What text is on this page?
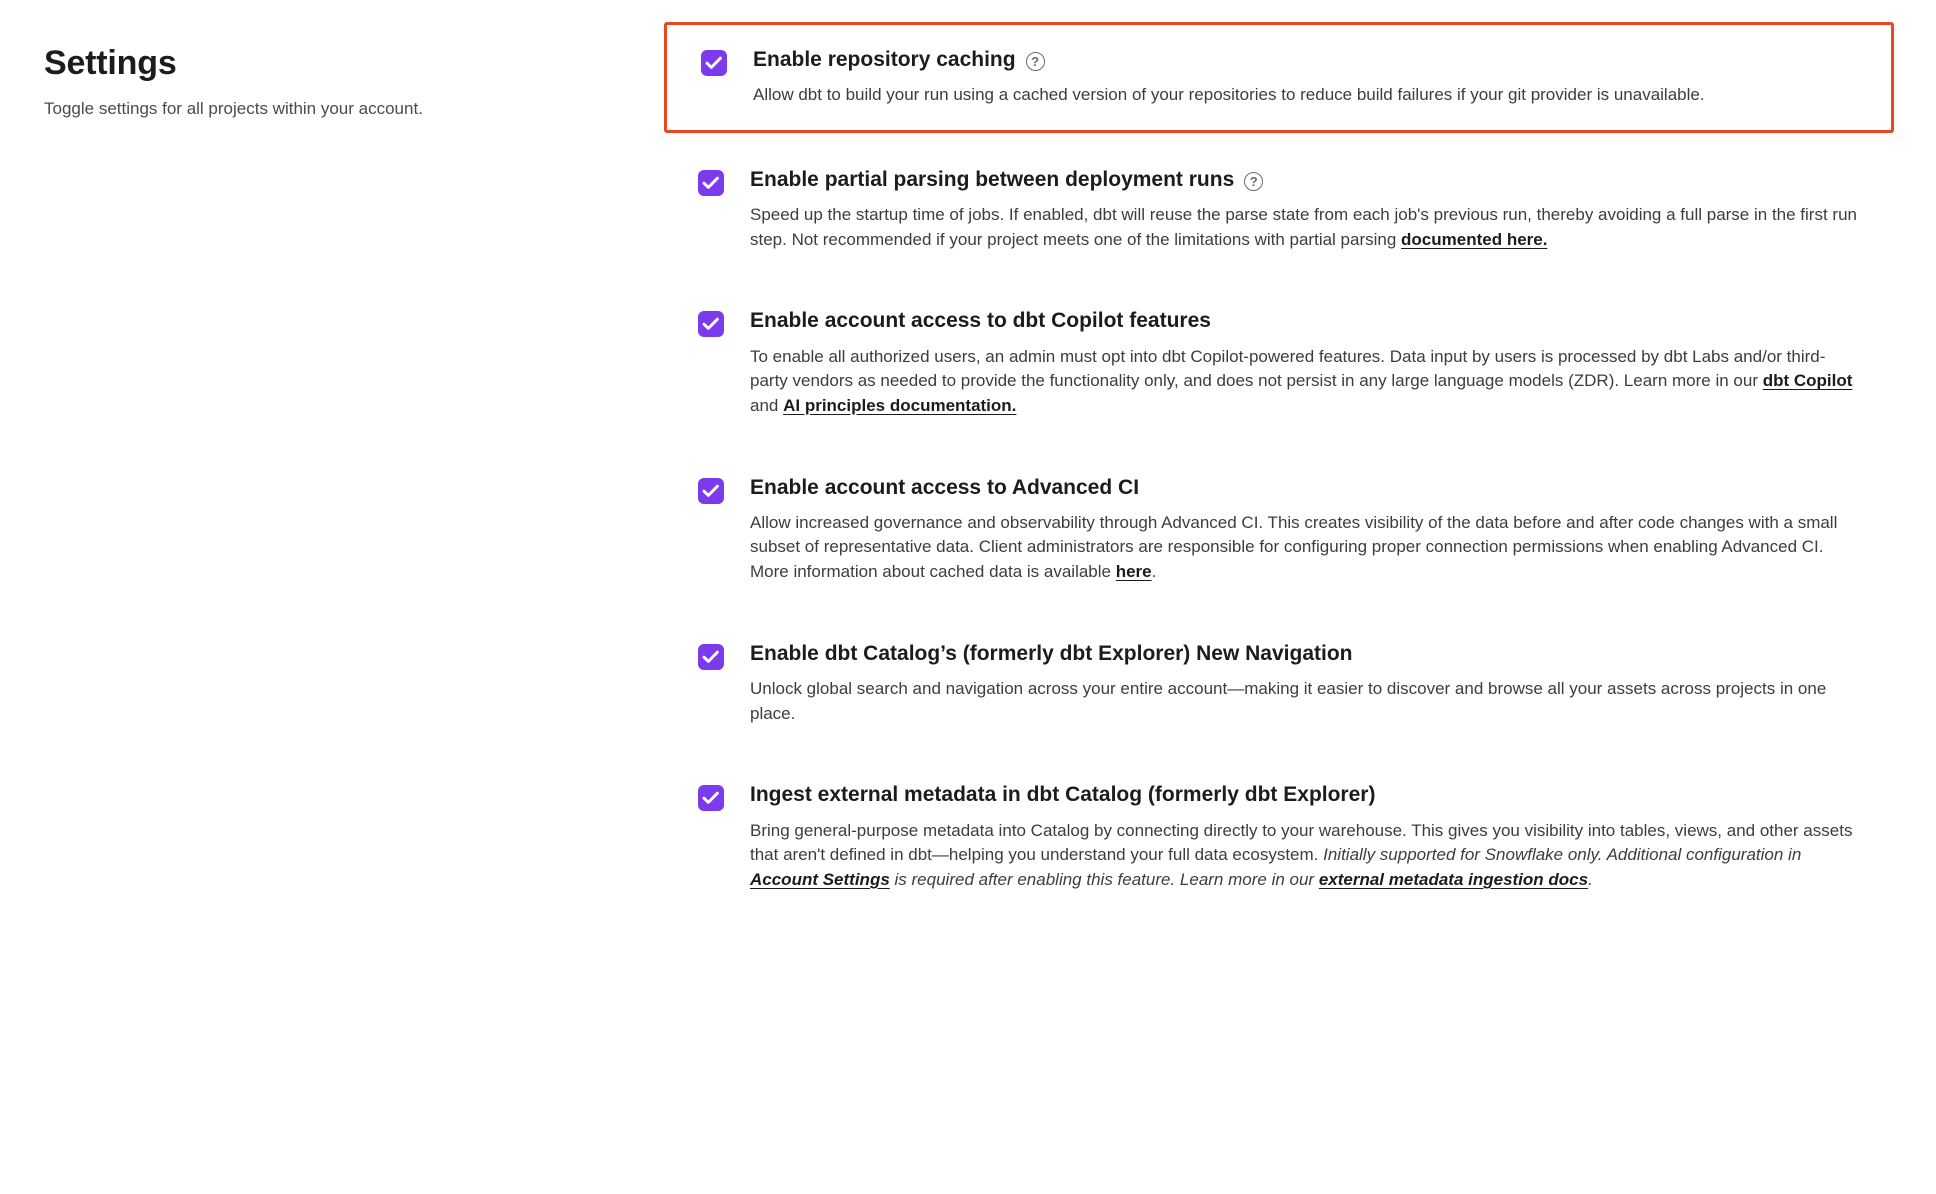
Settings

Toggle settings for all projects within your account.

Enable repository caching	?
Allow dbt to build your run using a cached version of your repositories to reduce build failures if your git provider is unavailable.
Enable partial parsing between deployment runs	?
Speed up the startup time of jobs. If enabled, dbt will reuse the parse state from each job's previous run, thereby avoiding a full parse in the first run step. Not recommended if your project meets one of the limitations with partial parsing documented here.
Enable account access to dbt Copilot features
To enable all authorized users, an admin must opt into dbt Copilot-powered features. Data input by users is processed by dbt Labs and/or third-party vendors as needed to provide the functionality only, and does not persist in any large language models (ZDR). Learn more in our dbt Copilot and AI principles documentation.
Enable account access to Advanced CI
Allow increased governance and observability through Advanced CI. This creates visibility of the data before and after code changes with a small subset of representative data. Client administrators are responsible for configuring proper connection permissions when enabling Advanced CI. More information about cached data is available here.
Enable dbt Catalog’s (formerly dbt Explorer) New Navigation
Unlock global search and navigation across your entire account—making it easier to discover and browse all your assets across projects in one place.
Ingest external metadata in dbt Catalog (formerly dbt Explorer)
Bring general-purpose metadata into Catalog by connecting directly to your warehouse. This gives you visibility into tables, views, and other assets that aren't defined in dbt—helping you understand your full data ecosystem. Initially supported for Snowflake only. Additional configuration in Account Settings is required after enabling this feature. Learn more in our external metadata ingestion docs.
